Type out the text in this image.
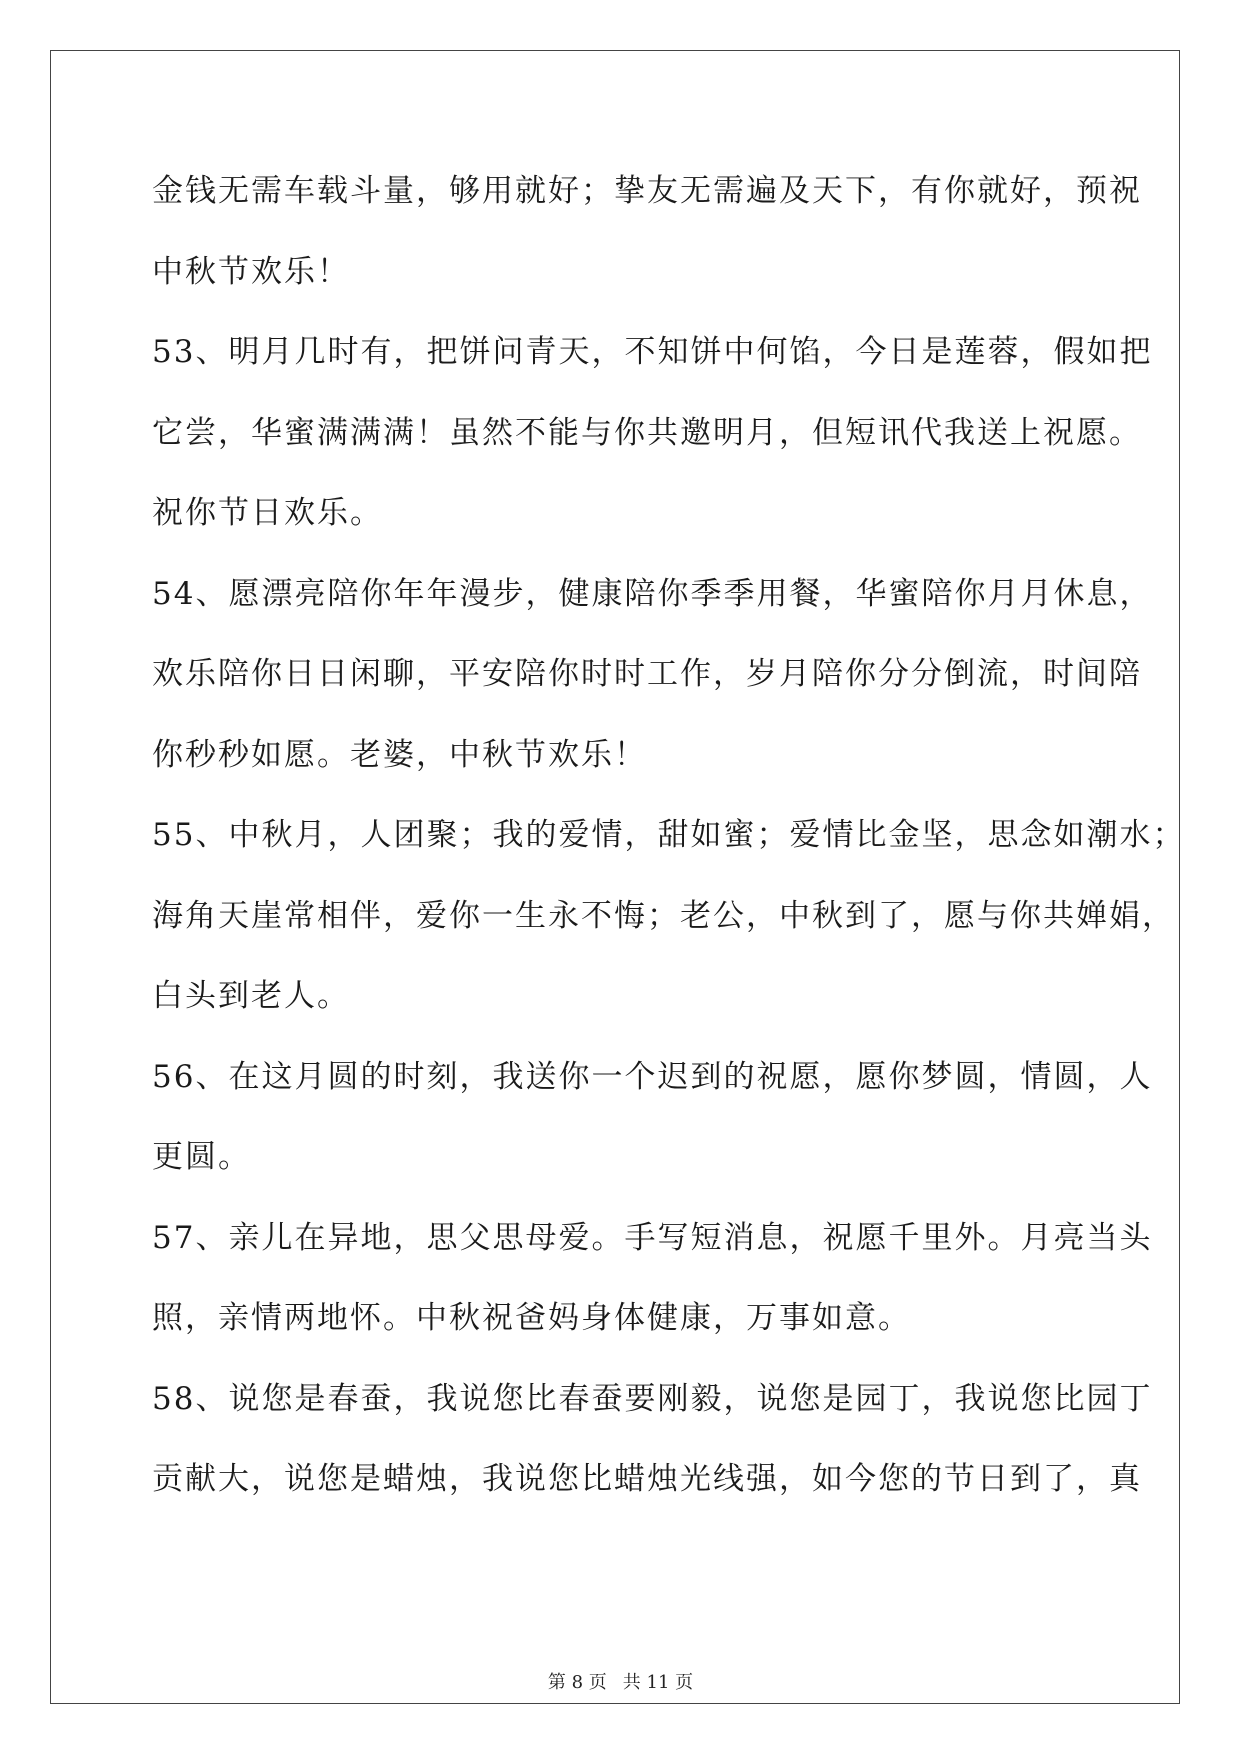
金钱无需车载斗量，够用就好；挚友无需遍及天下，有你就好，预祝
中秋节欢乐！
53、明月几时有，把饼问青天，不知饼中何馅，今日是莲蓉，假如把
它尝，华蜜满满满！虽然不能与你共邀明月，但短讯代我送上祝愿。
祝你节日欢乐。
54、愿漂亮陪你年年漫步，健康陪你季季用餐，华蜜陪你月月休息，
欢乐陪你日日闲聊，平安陪你时时工作，岁月陪你分分倒流，时间陪
你秒秒如愿。老婆，中秋节欢乐！
55、中秋月，人团聚；我的爱情，甜如蜜；爱情比金坚，思念如潮水；
海角天崖常相伴，爱你一生永不悔；老公，中秋到了，愿与你共婵娟，
白头到老人。
56、在这月圆的时刻，我送你一个迟到的祝愿，愿你梦圆，情圆，人
更圆。
57、亲儿在异地，思父思母爱。手写短消息，祝愿千里外。月亮当头
照，亲情两地怀。中秋祝爸妈身体健康，万事如意。
58、说您是春蚕，我说您比春蚕要刚毅，说您是园丁，我说您比园丁
贡献大，说您是蜡烛，我说您比蜡烛光线强，如今您的节日到了，真
第 8 页 共 11 页
